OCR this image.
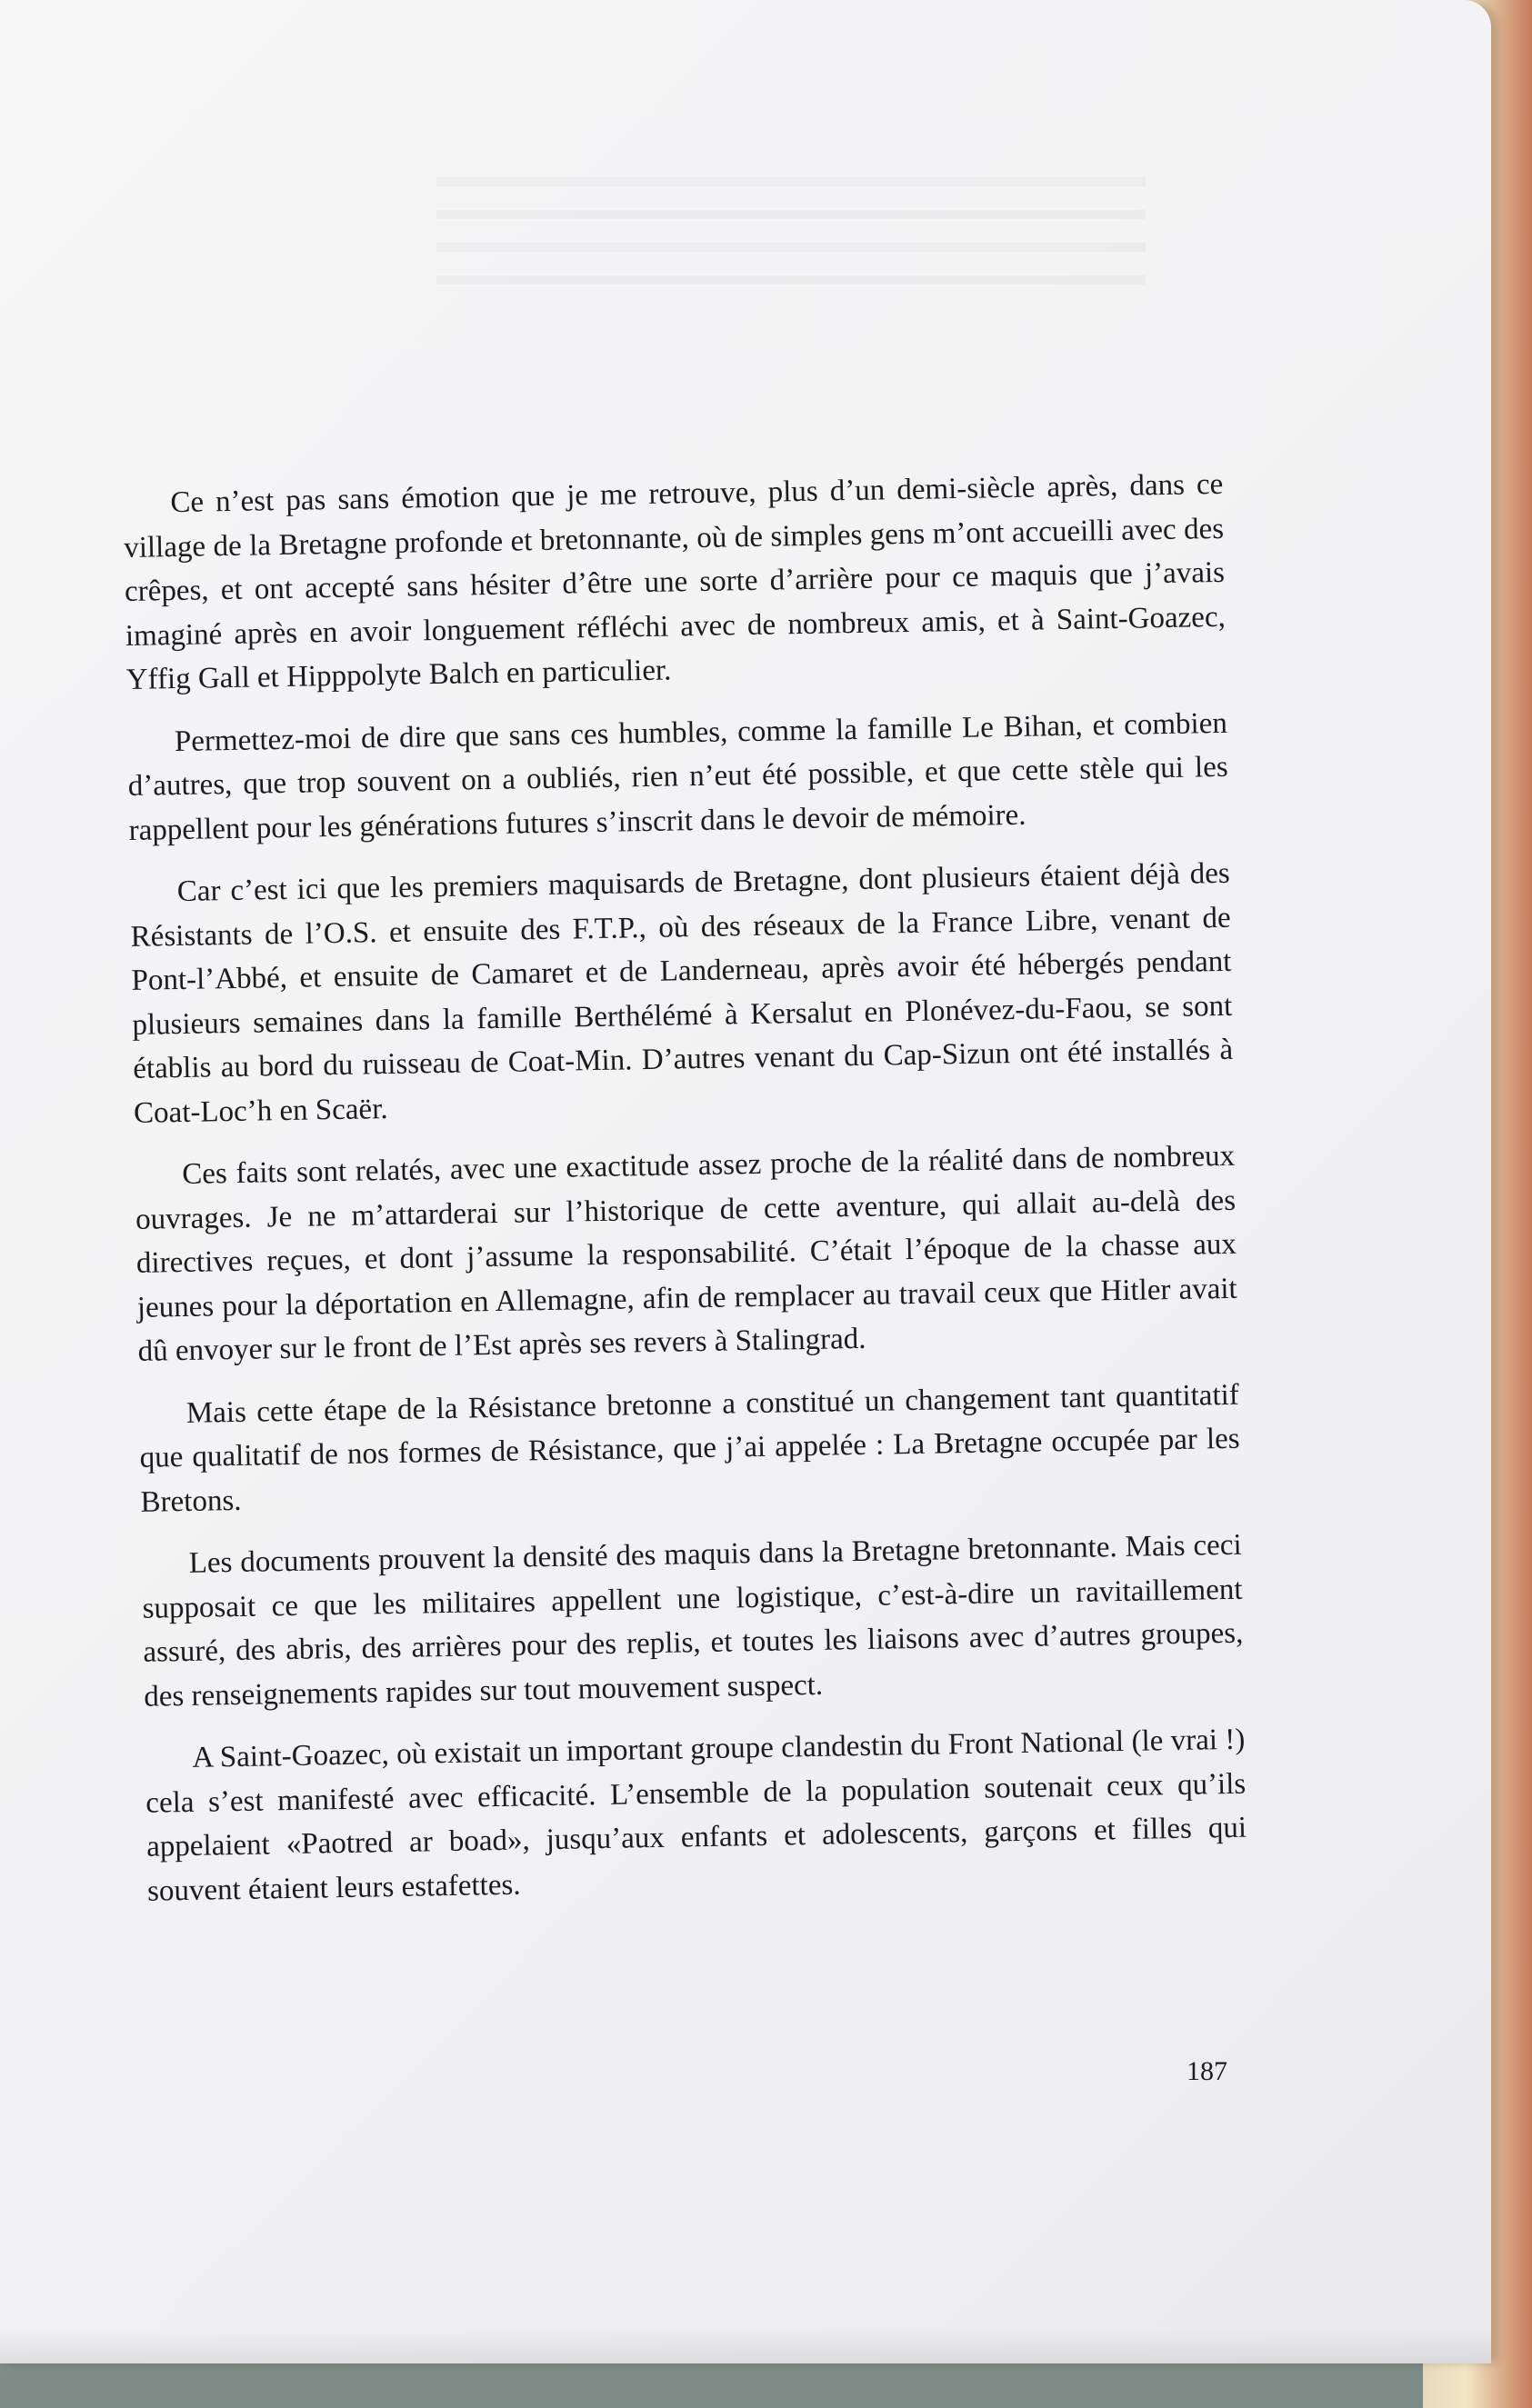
Ce n’est pas sans émotion que je me retrouve, plus d’un demi-siècle après, dans ce village de la Bretagne profonde et bretonnante, où de simples gens m’ont accueilli avec des crêpes, et ont accepté sans hésiter d’être une sorte d’arrière pour ce maquis que j’avais imaginé après en avoir longuement réfléchi avec de nombreux amis, et à Saint-Goazec, Yffig Gall et Hipppolyte Balch en particulier.

Permettez-moi de dire que sans ces humbles, comme la famille Le Bihan, et combien d’autres, que trop souvent on a oubliés, rien n’eut été possible, et que cette stèle qui les rappellent pour les générations futures s’inscrit dans le devoir de mémoire.

Car c’est ici que les premiers maquisards de Bretagne, dont plusieurs étaient déjà des Résistants de l’O.S. et ensuite des F.T.P., où des réseaux de la France Libre, venant de Pont-l’Abbé, et ensuite de Camaret et de Landerneau, après avoir été hébergés pendant plusieurs semaines dans la famille Berthélémé à Kersalut en Plonévez-du-Faou, se sont établis au bord du ruisseau de Coat-Min. D’autres venant du Cap-Sizun ont été installés à Coat-Loc’h en Scaër.

Ces faits sont relatés, avec une exactitude assez proche de la réalité dans de nombreux ouvrages. Je ne m’attarderai sur l’historique de cette aventure, qui allait au-delà des directives reçues, et dont j’assume la responsabilité. C’était l’époque de la chasse aux jeunes pour la déportation en Allemagne, afin de remplacer au travail ceux que Hitler avait dû envoyer sur le front de l’Est après ses revers à Stalingrad.

Mais cette étape de la Résistance bretonne a constitué un changement tant quantitatif que qualitatif de nos formes de Résistance, que j’ai appelée : La Bretagne occupée par les Bretons.

Les documents prouvent la densité des maquis dans la Bretagne bretonnante. Mais ceci supposait ce que les militaires appellent une logistique, c’est-à-dire un ravitaillement assuré, des abris, des arrières pour des replis, et toutes les liaisons avec d’autres groupes, des renseignements rapides sur tout mouvement suspect.

A Saint-Goazec, où existait un important groupe clandestin du Front National (le vrai !) cela s’est manifesté avec efficacité. L’ensemble de la population soutenait ceux qu’ils appelaient «Paotred ar boad», jusqu’aux enfants et adolescents, garçons et filles qui souvent étaient leurs estafettes.

187
